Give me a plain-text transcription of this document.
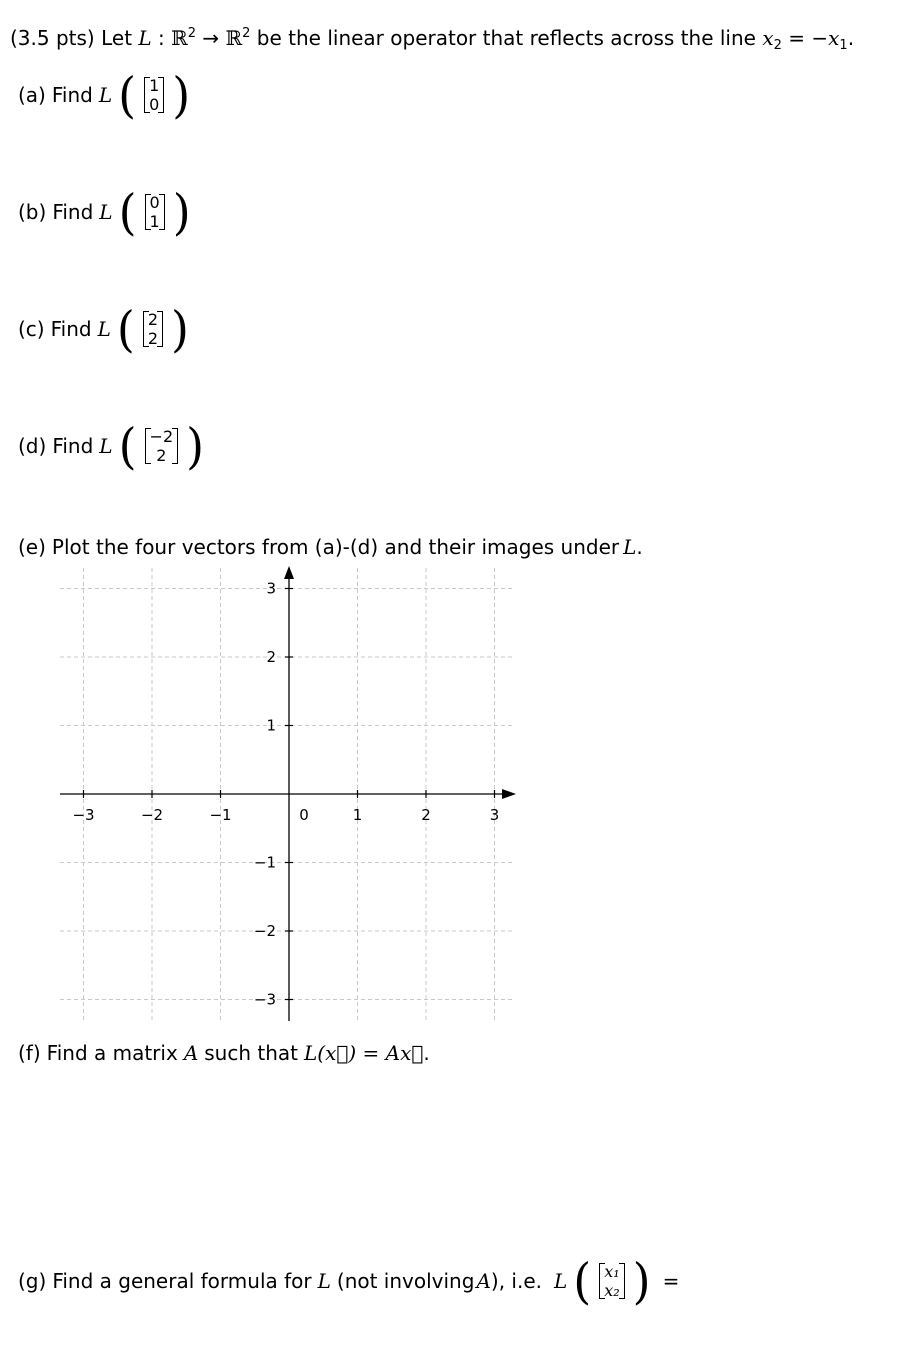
(3.5 pts) Let L : ℝ$^2$ → ℝ$^2$ be the linear operator that reflects across the line $x_2 = -x_1$.
(a) Find L ( 1
0 )
(b) Find L ( 0
1 )
(c) Find L ( 2
2 )
(d) Find L ( −2
2 )
(e) Plot the four vectors from (a)-(d) and their images under L .
−3	−2	−1	0	1	2	3
3
2
1
−1
−2
−3
(f) Find a matrix A such that L(x⃗) = Ax⃗.
(g) Find a general formula for L (not involving A ), i.e. L ( x₁
x₂ ) =
